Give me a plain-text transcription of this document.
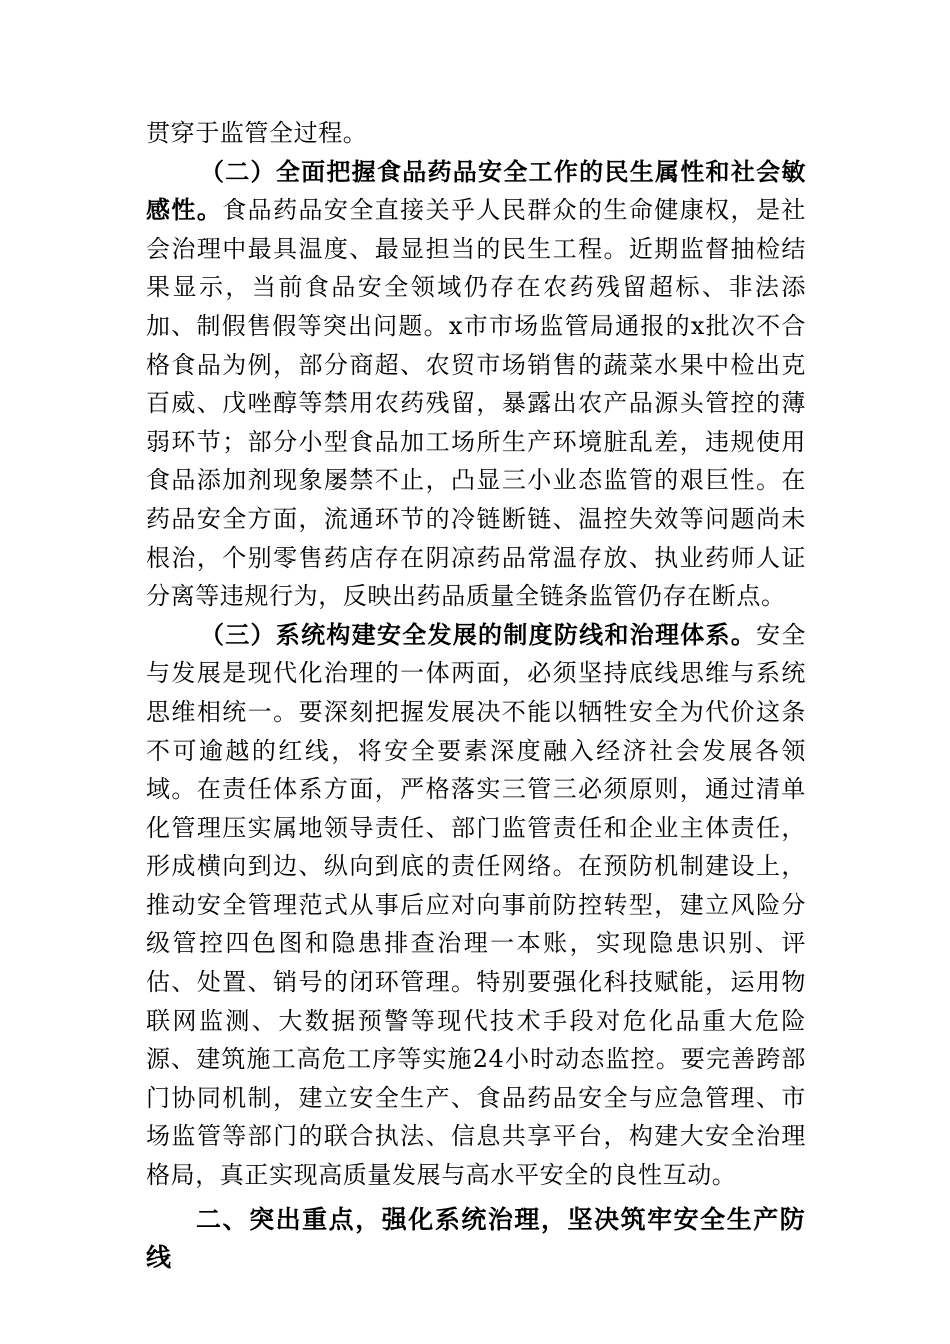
贯穿于监管全过程。

（二）全面把握食品药品安全工作的民生属性和社会敏感性。食品药品安全直接关乎人民群众的生命健康权，是社会治理中最具温度、最显担当的民生工程。近期监督抽检结果显示，当前食品安全领域仍存在农药残留超标、非法添加、制假售假等突出问题。x市市场监管局通报的x批次不合格食品为例，部分商超、农贸市场销售的蔬菜水果中检出克百威、戊唑醇等禁用农药残留，暴露出农产品源头管控的薄弱环节；部分小型食品加工场所生产环境脏乱差，违规使用食品添加剂现象屡禁不止，凸显三小业态监管的艰巨性。在药品安全方面，流通环节的冷链断链、温控失效等问题尚未根治，个别零售药店存在阴凉药品常温存放、执业药师人证分离等违规行为，反映出药品质量全链条监管仍存在断点。

（三）系统构建安全发展的制度防线和治理体系。安全与发展是现代化治理的一体两面，必须坚持底线思维与系统思维相统一。要深刻把握发展决不能以牺牲安全为代价这条不可逾越的红线，将安全要素深度融入经济社会发展各领域。在责任体系方面，严格落实三管三必须原则，通过清单化管理压实属地领导责任、部门监管责任和企业主体责任，形成横向到边、纵向到底的责任网络。在预防机制建设上，推动安全管理范式从事后应对向事前防控转型，建立风险分级管控四色图和隐患排查治理一本账，实现隐患识别、评估、处置、销号的闭环管理。特别要强化科技赋能，运用物联网监测、大数据预警等现代技术手段对危化品重大危险源、建筑施工高危工序等实施24小时动态监控。要完善跨部门协同机制，建立安全生产、食品药品安全与应急管理、市场监管等部门的联合执法、信息共享平台，构建大安全治理格局，真正实现高质量发展与高水平安全的良性互动。

二、突出重点，强化系统治理，坚决筑牢安全生产防线
